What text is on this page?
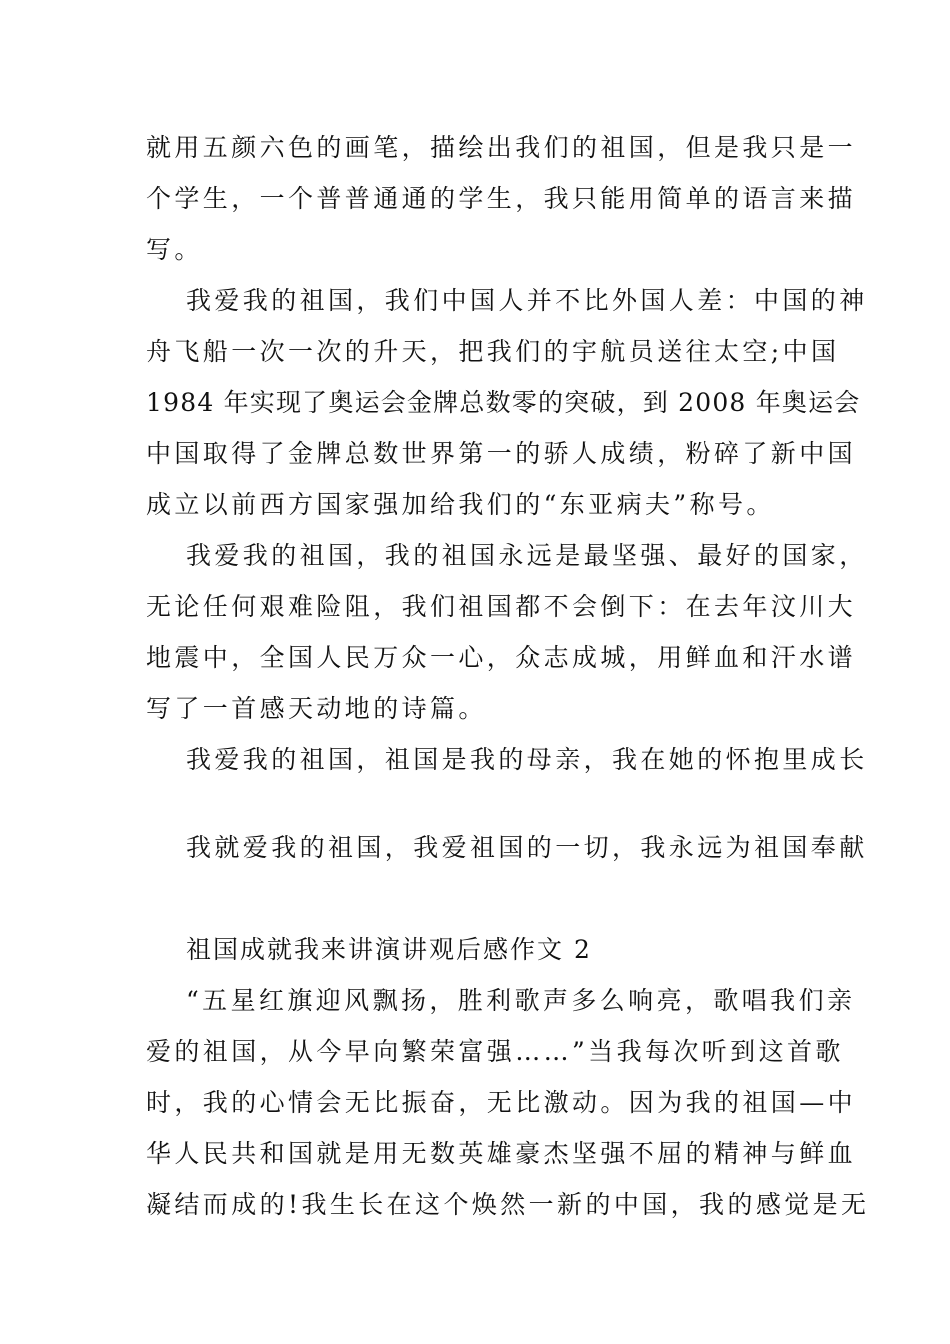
就用五颜六色的画笔，描绘出我们的祖国，但是我只是一
个学生，一个普普通通的学生，我只能用简单的语言来描
写。
我爱我的祖国，我们中国人并不比外国人差：中国的神
舟飞船一次一次的升天，把我们的宇航员送往太空;中国
1984 年实现了奥运会金牌总数零的突破，到 2008 年奥运会
中国取得了金牌总数世界第一的骄人成绩，粉碎了新中国
成立以前西方国家强加给我们的“东亚病夫”称号。
我爱我的祖国，我的祖国永远是最坚强、最好的国家，
无论任何艰难险阻，我们祖国都不会倒下：在去年汶川大
地震中，全国人民万众一心，众志成城，用鲜血和汗水谱
写了一首感天动地的诗篇。
我爱我的祖国，祖国是我的母亲，我在她的怀抱里成长
我就爱我的祖国，我爱祖国的一切，我永远为祖国奉献
祖国成就我来讲演讲观后感作文 2
“五星红旗迎风飘扬，胜利歌声多么响亮，歌唱我们亲
爱的祖国，从今早向繁荣富强……”当我每次听到这首歌
时，我的心情会无比振奋，无比激动。因为我的祖国—中
华人民共和国就是用无数英雄豪杰坚强不屈的精神与鲜血
凝结而成的!我生长在这个焕然一新的中国，我的感觉是无
